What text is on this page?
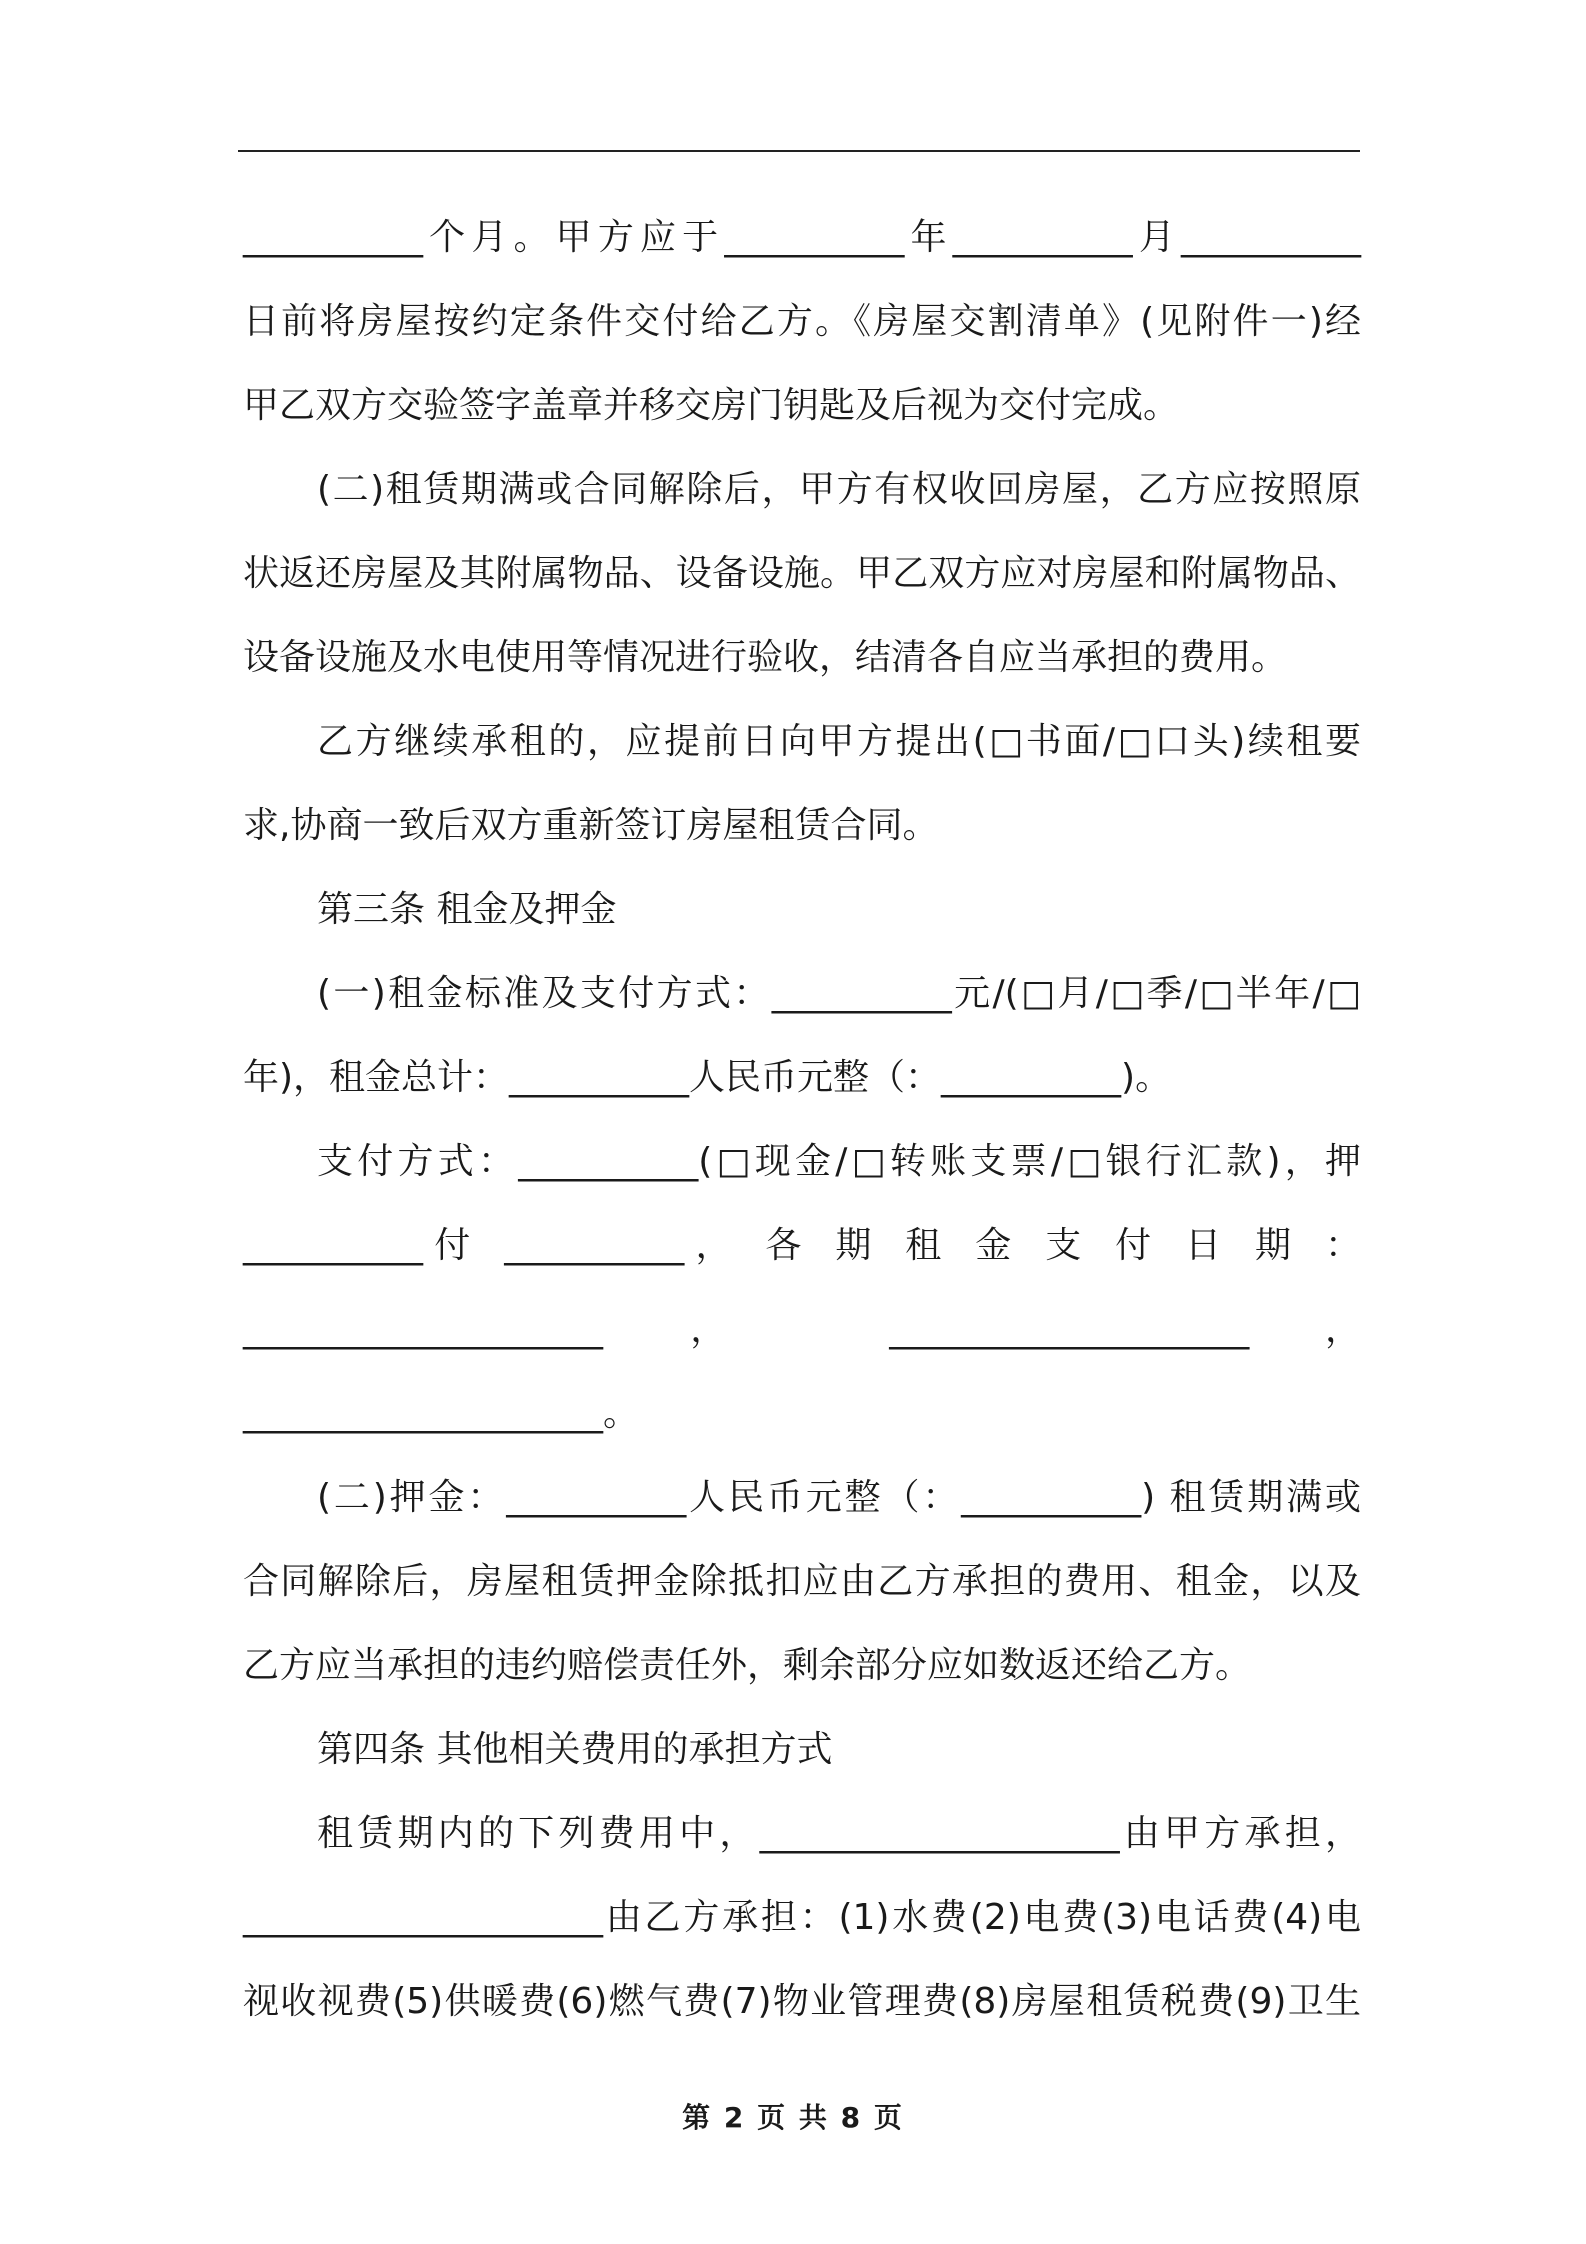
__________个月。甲方应于__________年__________月__________
日前将房屋按约定条件交付给乙方。《房屋交割清单》(见附件一)经
甲乙双方交验签字盖章并移交房门钥匙及后视为交付完成。
(二)租赁期满或合同解除后，甲方有权收回房屋，乙方应按照原
状返还房屋及其附属物品、设备设施。甲乙双方应对房屋和附属物品、
设备设施及水电使用等情况进行验收，结清各自应当承担的费用。
乙方继续承租的，应提前日向甲方提出(□书面/□口头)续租要
求,协商一致后双方重新签订房屋租赁合同。
第三条 租金及押金
(一)租金标准及支付方式：__________元/(□月/□季/□半年/□
年)，租金总计：__________人民币元整（：__________)。
支付方式：__________(□现金/□转账支票/□银行汇款)，押
__________付 __________， 各 期 租 金 支 付 日 期 ：
____________________ ， ____________________，
____________________。
(二)押金：__________人民币元整（：__________) 租赁期满或
合同解除后，房屋租赁押金除抵扣应由乙方承担的费用、租金，以及
乙方应当承担的违约赔偿责任外，剩余部分应如数返还给乙方。
第四条 其他相关费用的承担方式
租赁期内的下列费用中，____________________由甲方承担，
____________________由乙方承担：(1)水费(2)电费(3)电话费(4)电
视收视费(5)供暖费(6)燃气费(7)物业管理费(8)房屋租赁税费(9)卫生
第 2 页 共 8 页
